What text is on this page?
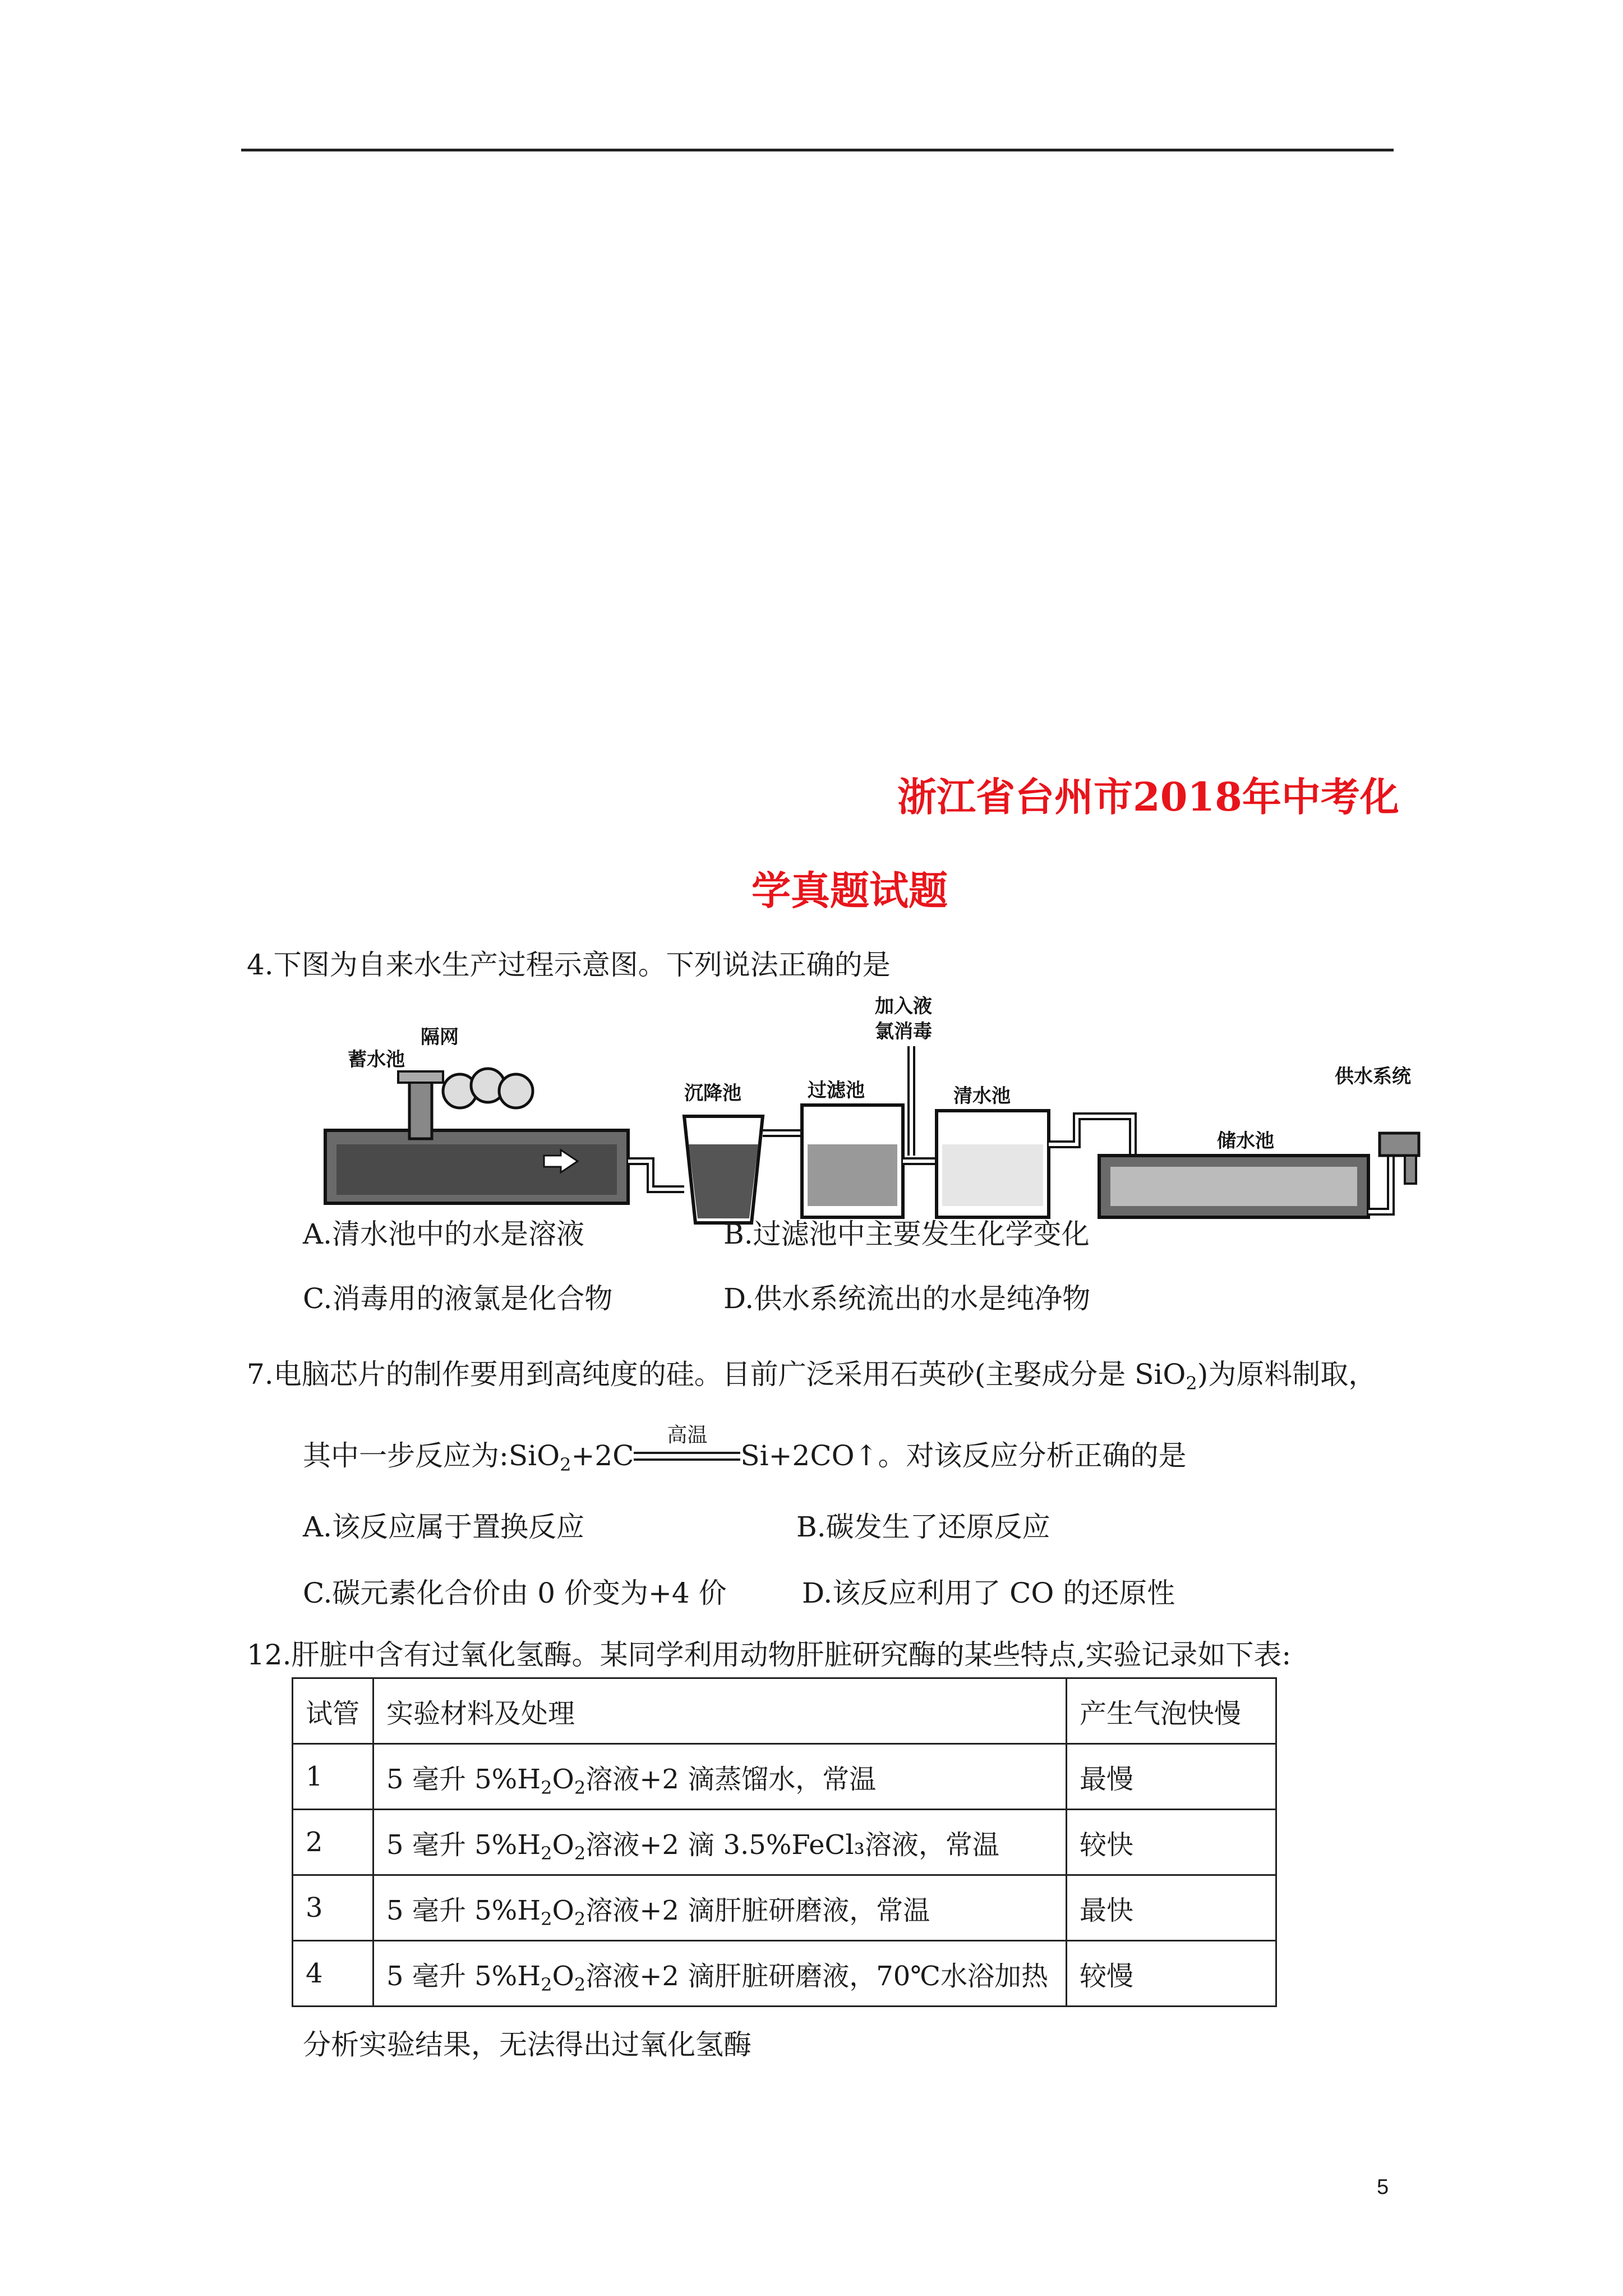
浙江省台州市2018年中考化
学真题试题
4.下图为自来水生产过程示意图。下列说法正确的是
蓄水池
隔网
沉降池	过滤池
加入液
氯消毒
清水池
储水池
供水系统
A.清水池中的水是溶液	B.过滤池中主要发生化学变化
C.消毒用的液氯是化合物	D.供水系统流出的水是纯净物
7.电脑芯片的制作要用到高纯度的硅。目前广泛采用石英砂(主娶成分是 SiO$_2$)为原料制取，
其中一步反应为:SiO$_2$+2C
高温
Si+2CO↑。对该反应分析正确的是
A.该反应属于置换反应	B.碳发生了还原反应
C.碳元素化合价由 0 价变为+4 价	D.该反应利用了 CO 的还原性
12.肝脏中含有过氧化氢酶。某同学利用动物肝脏研究酶的某些特点,实验记录如下表:
试管	实验材料及处理	产生气泡快慢
1	5 毫升 $5\%H_2O_2$溶液+2 滴蒸馏水，常温	最慢
2	5 毫升 $5\%H_2O_2$溶液+2 滴 3.5%FeCl₃溶液，常温	较快
3	5 毫升 $5\%H_2O_2$溶液+2 滴肝脏研磨液，常温	最快
4	5 毫升 $5\%H_2O_2$溶液+2 滴肝脏研磨液，70℃水浴加热	较慢
分析实验结果，无法得出过氧化氢酶
5
